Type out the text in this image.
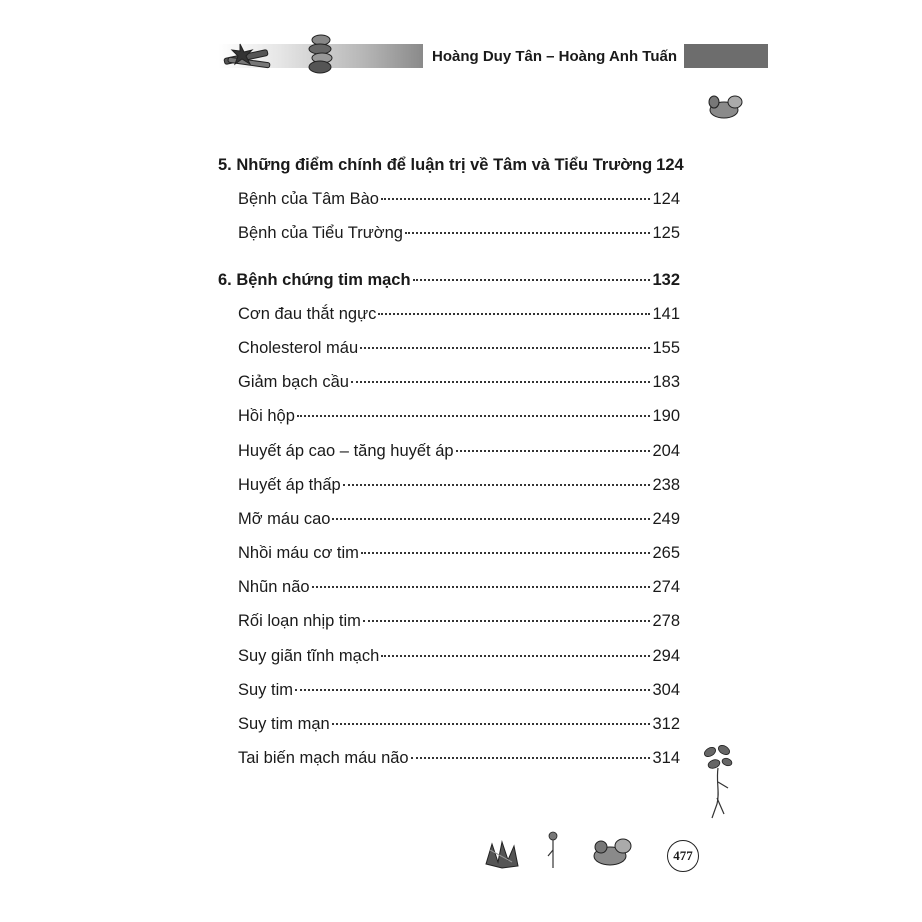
Hoàng Duy Tân – Hoàng Anh Tuấn
5. Những điểm chính để luận trị về Tâm và Tiểu Trường 124
Bệnh của Tâm Bào	124
Bệnh của Tiểu Trường	125
6. Bệnh chứng tim mạch	132
Cơn đau thắt ngực	141
Cholesterol máu	155
Giảm bạch cầu	183
Hồi hộp	190
Huyết áp cao – tăng huyết áp	204
Huyết áp thấp	238
Mỡ máu cao	249
Nhồi máu cơ tim	265
Nhũn não	274
Rối loạn nhịp tim	278
Suy giãn tĩnh mạch	294
Suy tim	304
Suy tim mạn	312
Tai biến mạch máu não	314
477
